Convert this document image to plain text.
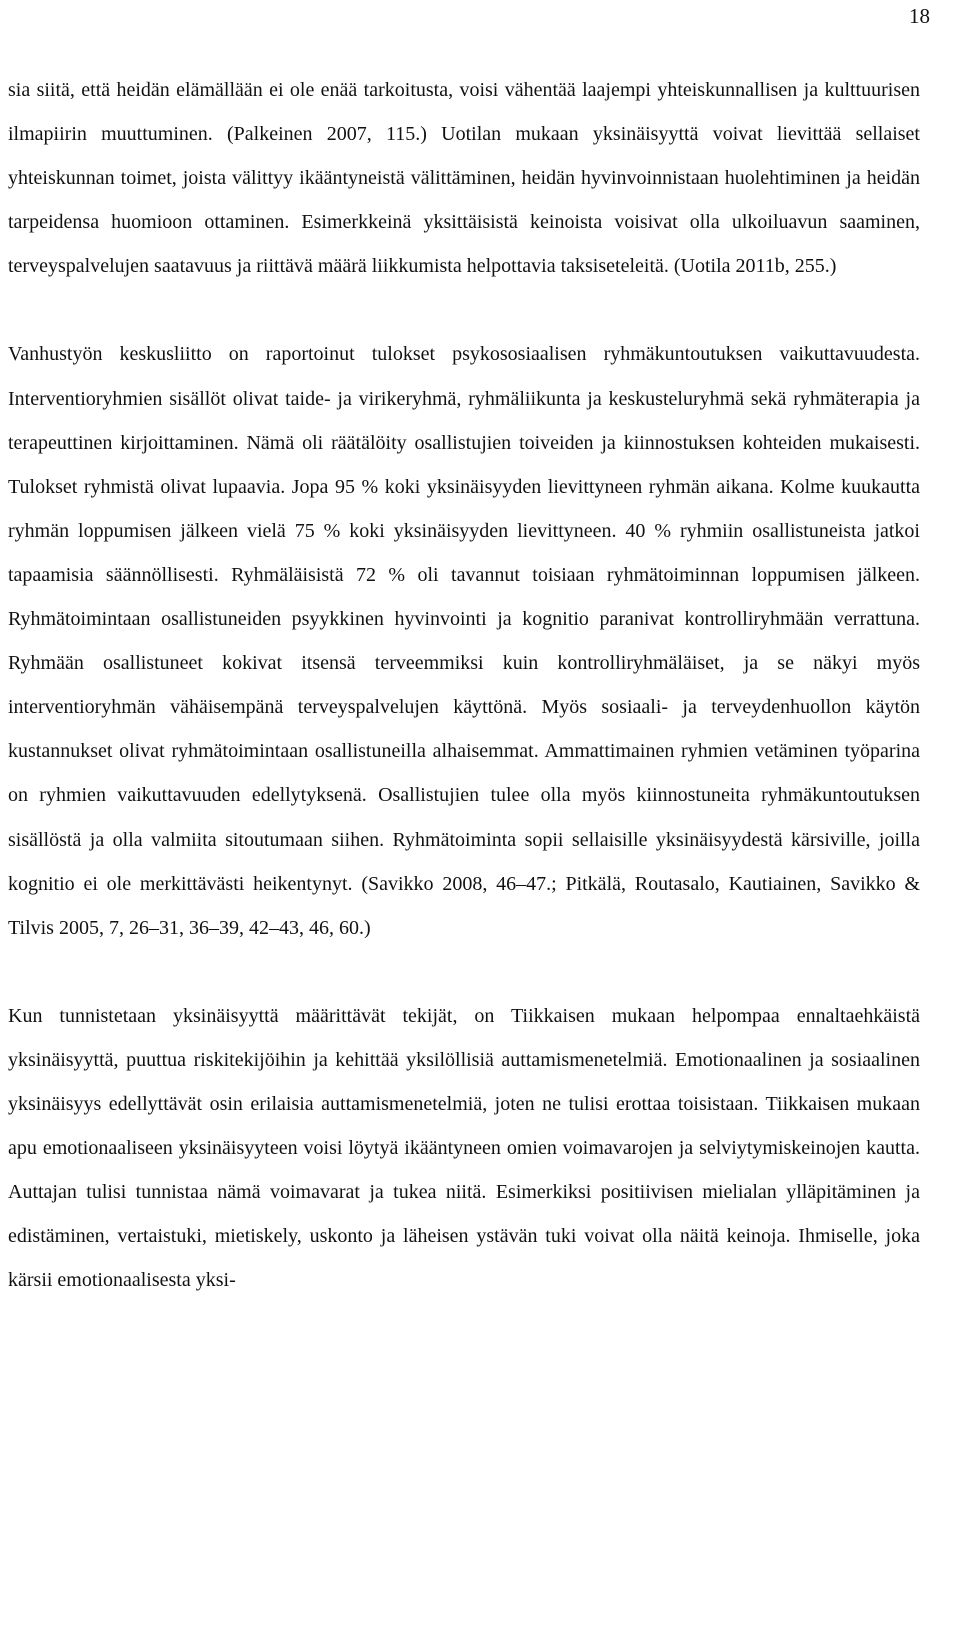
18

sia siitä, että heidän elämällään ei ole enää tarkoitusta, voisi vähentää laajempi yhteiskunnallisen ja kulttuurisen ilmapiirin muuttuminen. (Palkeinen 2007, 115.) Uotilan mukaan yksinäisyyttä voivat lievittää sellaiset yhteiskunnan toimet, joista välittyy ikääntyneistä välittäminen, heidän hyvinvoinnistaan huolehtiminen ja heidän tarpeidensa huomioon ottaminen. Esimerkkeinä yksittäisistä keinoista voisivat olla ulkoiluavun saaminen, terveyspalvelujen saatavuus ja riittävä määrä liikkumista helpottavia taksiseteleitä. (Uotila 2011b, 255.)

Vanhustyön keskusliitto on raportoinut tulokset psykososiaalisen ryhmäkuntoutuksen vaikuttavuudesta. Interventioryhmien sisällöt olivat taide- ja virikeryhmä, ryhmäliikunta ja keskusteluryhmä sekä ryhmäterapia ja terapeuttinen kirjoittaminen. Nämä oli räätälöity osallistujien toiveiden ja kiinnostuksen kohteiden mukaisesti. Tulokset ryhmistä olivat lupaavia. Jopa 95 % koki yksinäisyyden lievittyneen ryhmän aikana. Kolme kuukautta ryhmän loppumisen jälkeen vielä 75 % koki yksinäisyyden lievittyneen. 40 % ryhmiin osallistuneista jatkoi tapaamisia säännöllisesti. Ryhmäläisistä 72 % oli tavannut toisiaan ryhmätoiminnan loppumisen jälkeen. Ryhmätoimintaan osallistuneiden psyykkinen hyvinvointi ja kognitio paranivat kontrolliryhmään verrattuna. Ryhmään osallistuneet kokivat itsensä terveemmiksi kuin kontrolliryhmäläiset, ja se näkyi myös interventioryhmän vähäisempänä terveyspalvelujen käyttönä. Myös sosiaali- ja terveydenhuollon käytön kustannukset olivat ryhmätoimintaan osallistuneilla alhaisemmat. Ammattimainen ryhmien vetäminen työparina on ryhmien vaikuttavuuden edellytyksenä. Osallistujien tulee olla myös kiinnostuneita ryhmäkuntoutuksen sisällöstä ja olla valmiita sitoutumaan siihen. Ryhmätoiminta sopii sellaisille yksinäisyydestä kärsiville, joilla kognitio ei ole merkittävästi heikentynyt. (Savikko 2008, 46–47.; Pitkälä, Routasalo, Kautiainen, Savikko & Tilvis 2005, 7, 26–31, 36–39, 42–43, 46, 60.)

Kun tunnistetaan yksinäisyyttä määrittävät tekijät, on Tiikkaisen mukaan helpompaa ennaltaehkäistä yksinäisyyttä, puuttua riskitekijöihin ja kehittää yksilöllisiä auttamismenetelmiä. Emotionaalinen ja sosiaalinen yksinäisyys edellyttävät osin erilaisia auttamismenetelmiä, joten ne tulisi erottaa toisistaan. Tiikkaisen mukaan apu emotionaaliseen yksinäisyyteen voisi löytyä ikääntyneen omien voimavarojen ja selviytymiskeinojen kautta. Auttajan tulisi tunnistaa nämä voimavarat ja tukea niitä. Esimerkiksi positiivisen mielialan ylläpitäminen ja edistäminen, vertaistuki, mietiskely, uskonto ja läheisen ystävän tuki voivat olla näitä keinoja. Ihmiselle, joka kärsii emotionaalisesta yksi-
